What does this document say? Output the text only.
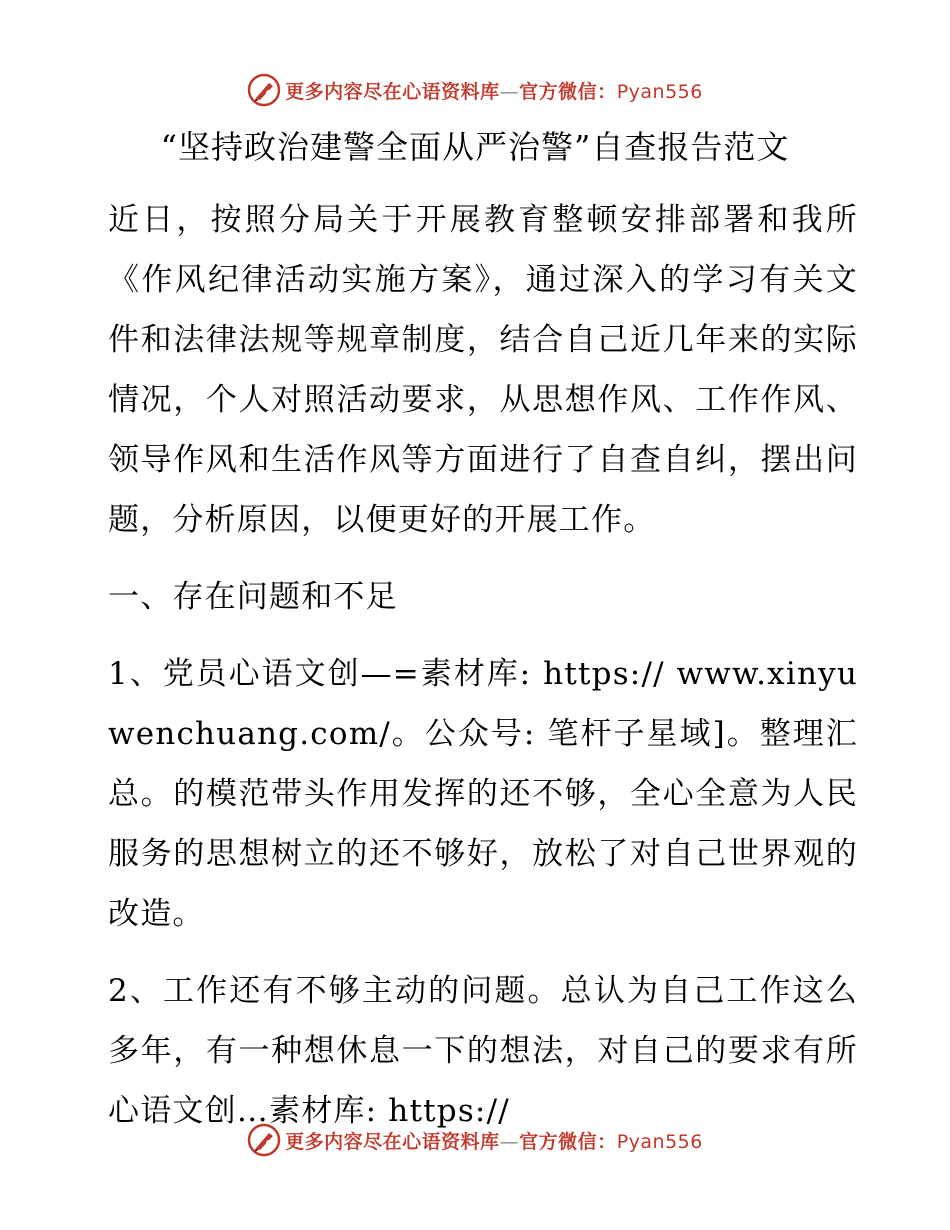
更多内容尽在心语资料库—官方微信：Pyan556
“坚持政治建警全面从严治警”自查报告范文

近日，按照分局关于开展教育整顿安排部署和我所《作风纪律活动实施方案》，通过深入的学习有关文件和法律法规等规章制度，结合自己近几年来的实际情况，个人对照活动要求，从思想作风、工作作风、领导作风和生活作风等方面进行了自查自纠，摆出问题，分析原因，以便更好的开展工作。

一、存在问题和不足

1、党员心语文创—=素材库: https:// www.xinyuwenchuang.com/。公众号: 笔杆子星域]。整理汇总。的模范带头作用发挥的还不够，全心全意为人民服务的思想树立的还不够好，放松了对自己世界观的改造。

2、工作还有不够主动的问题。总认为自己工作这么多年，有一种想休息一下的想法，对自己的要求有所心语文创…素材库: https://

更多内容尽在心语资料库—官方微信：Pyan556
